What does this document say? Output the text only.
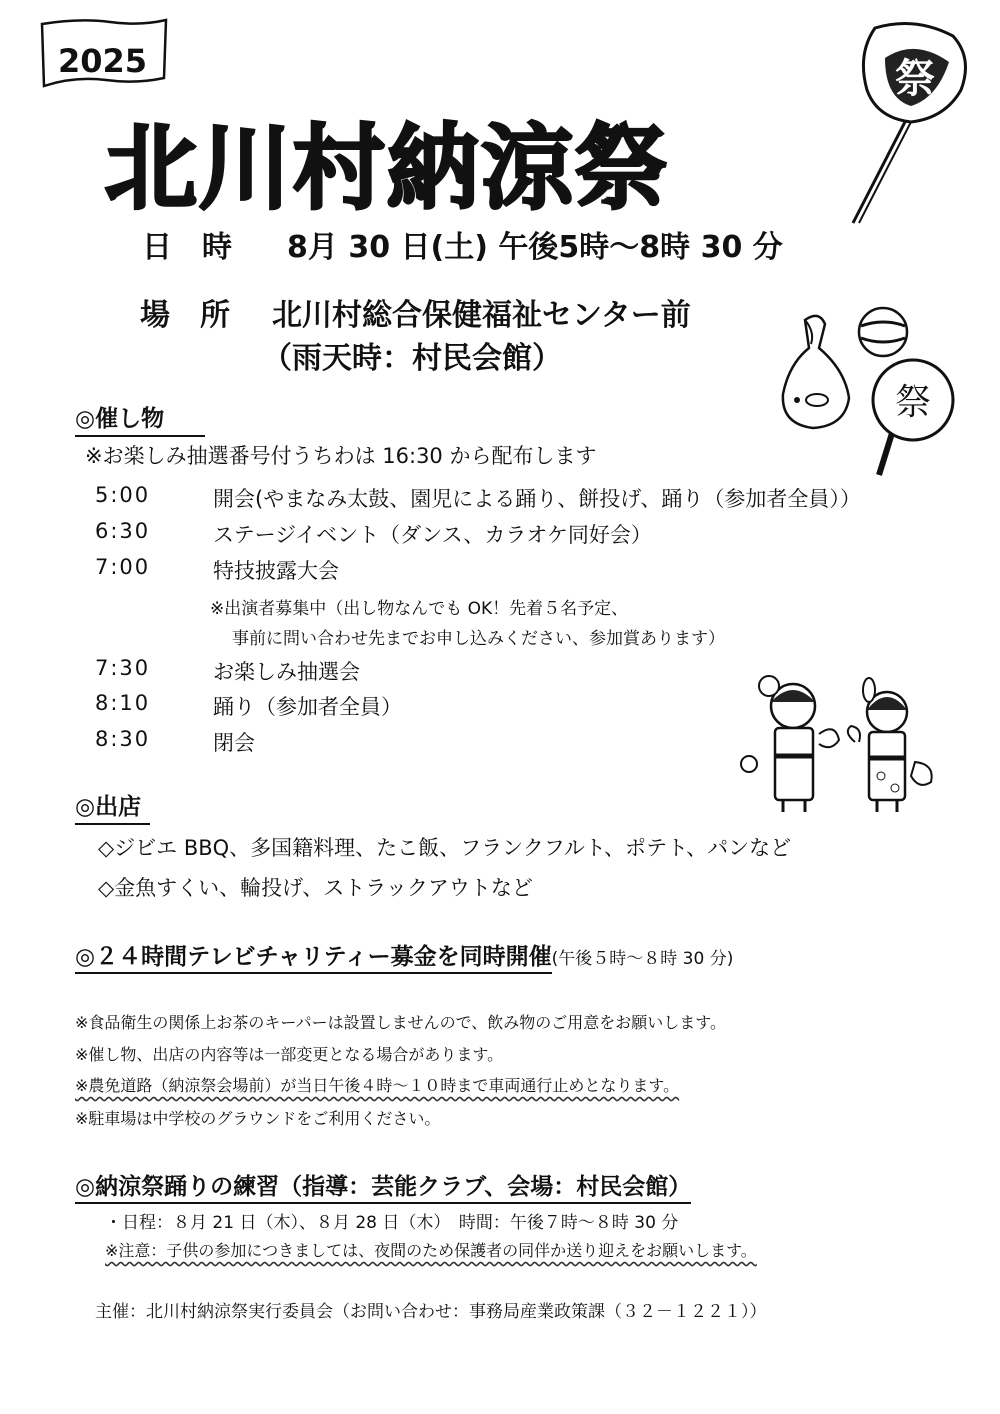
2025
北川村納涼祭
祭
日　時 8月 30 日(土) 午後5時～8時 30 分
場　所 北川村総合保健福祉センター前
（雨天時：村民会館）
祭
◎催し物
※お楽しみ抽選番号付うちわは 16:30 から配布します
5:00	開会(やまなみ太鼓、園児による踊り、餅投げ、踊り（参加者全員））
6:30	ステージイベント（ダンス、カラオケ同好会）
7:00	特技披露大会
※出演者募集中（出し物なんでも OK！先着５名予定、
事前に問い合わせ先までお申し込みください、参加賞あります）
7:30	お楽しみ抽選会
8:10	踊り（参加者全員）
8:30	閉会
◎出店
◇ジビエ BBQ、多国籍料理、たこ飯、フランクフルト、ポテト、パンなど
◇金魚すくい、輪投げ、ストラックアウトなど
◎２４時間テレビチャリティー募金を同時開催(午後５時～８時 30 分)
※食品衛生の関係上お茶のキーパーは設置しませんので、飲み物のご用意をお願いします。
※催し物、出店の内容等は一部変更となる場合があります。
※農免道路（納涼祭会場前）が当日午後４時～１０時まで車両通行止めとなります。
※駐車場は中学校のグラウンドをご利用ください。
◎納涼祭踊りの練習（指導：芸能クラブ、会場：村民会館）
・日程：８月 21 日（木）、８月 28 日（木）　時間：午後７時～８時 30 分
※注意：子供の参加につきましては、夜間のため保護者の同伴か送り迎えをお願いします。
主催：北川村納涼祭実行委員会（お問い合わせ：事務局産業政策課（３２－１２２１））
